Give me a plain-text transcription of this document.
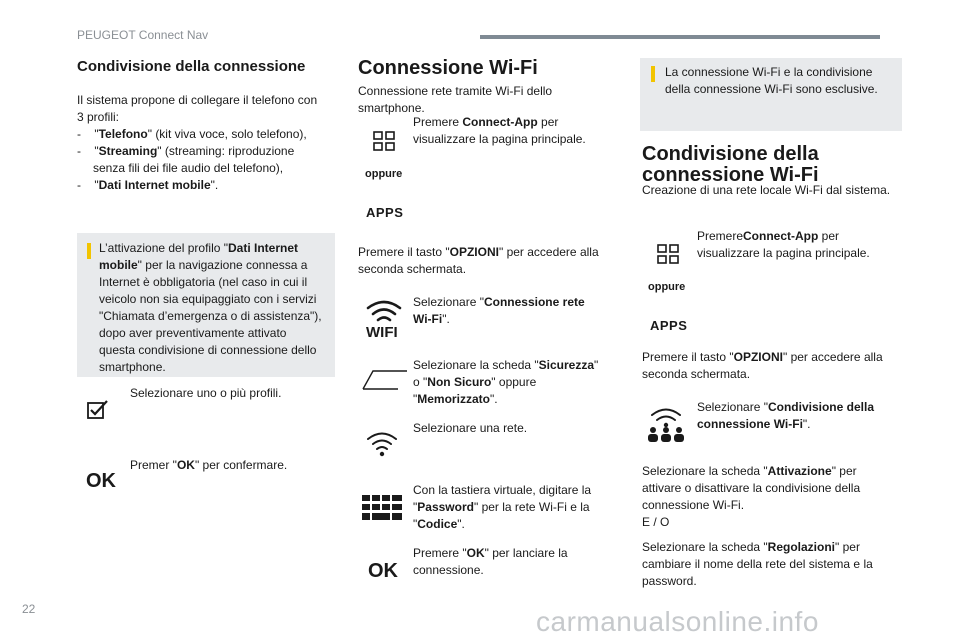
PEUGEOT Connect Nav
Condivisione della connessione
Il sistema propone di collegare il telefono con
3 profili:
- "Telefono" (kit viva voce, solo telefono),
- "Streaming" (streaming: riproduzione
senza fili dei file audio del telefono),
- "Dati Internet mobile".
L’attivazione del profilo "Dati Internet
mobile" per la navigazione connessa a
Internet è obbligatoria (nel caso in cui il
veicolo non sia equipaggiato con i servizi
"Chiamata d’emergenza o di assistenza"),
dopo aver preventivamente attivato
questa condivisione di connessione dello
smartphone.
Selezionare uno o più profili.
OK
Premer "OK" per confermare.
Connessione Wi-Fi
Connessione rete tramite Wi-Fi dello
smartphone.
Premere Connect-App per
visualizzare la pagina principale.
oppure
APPS
Premere il tasto "OPZIONI" per accedere alla
seconda schermata.
WIFI
Selezionare "Connessione rete
Wi-Fi".
Selezionare la scheda "Sicurezza"
o "Non Sicuro" oppure
"Memorizzato".
Selezionare una rete.
Con la tastiera virtuale, digitare la
"Password" per la rete Wi-Fi e la
"Codice".
OK
Premere "OK" per lanciare la
connessione.
La connessione Wi-Fi e la condivisione
della connessione Wi-Fi sono esclusive.
Condivisione della
connessione Wi-Fi
Creazione di una rete locale Wi-Fi dal sistema.
PremereConnect-App per
visualizzare la pagina principale.
oppure
APPS
Premere il tasto "OPZIONI" per accedere alla
seconda schermata.
Selezionare "Condivisione della
connessione Wi-Fi".
Selezionare la scheda "Attivazione" per
attivare o disattivare la condivisione della
connessione Wi-Fi.
E / O
Selezionare la scheda "Regolazioni" per
cambiare il nome della rete del sistema e la
password.
22	carmanualsonline.info
